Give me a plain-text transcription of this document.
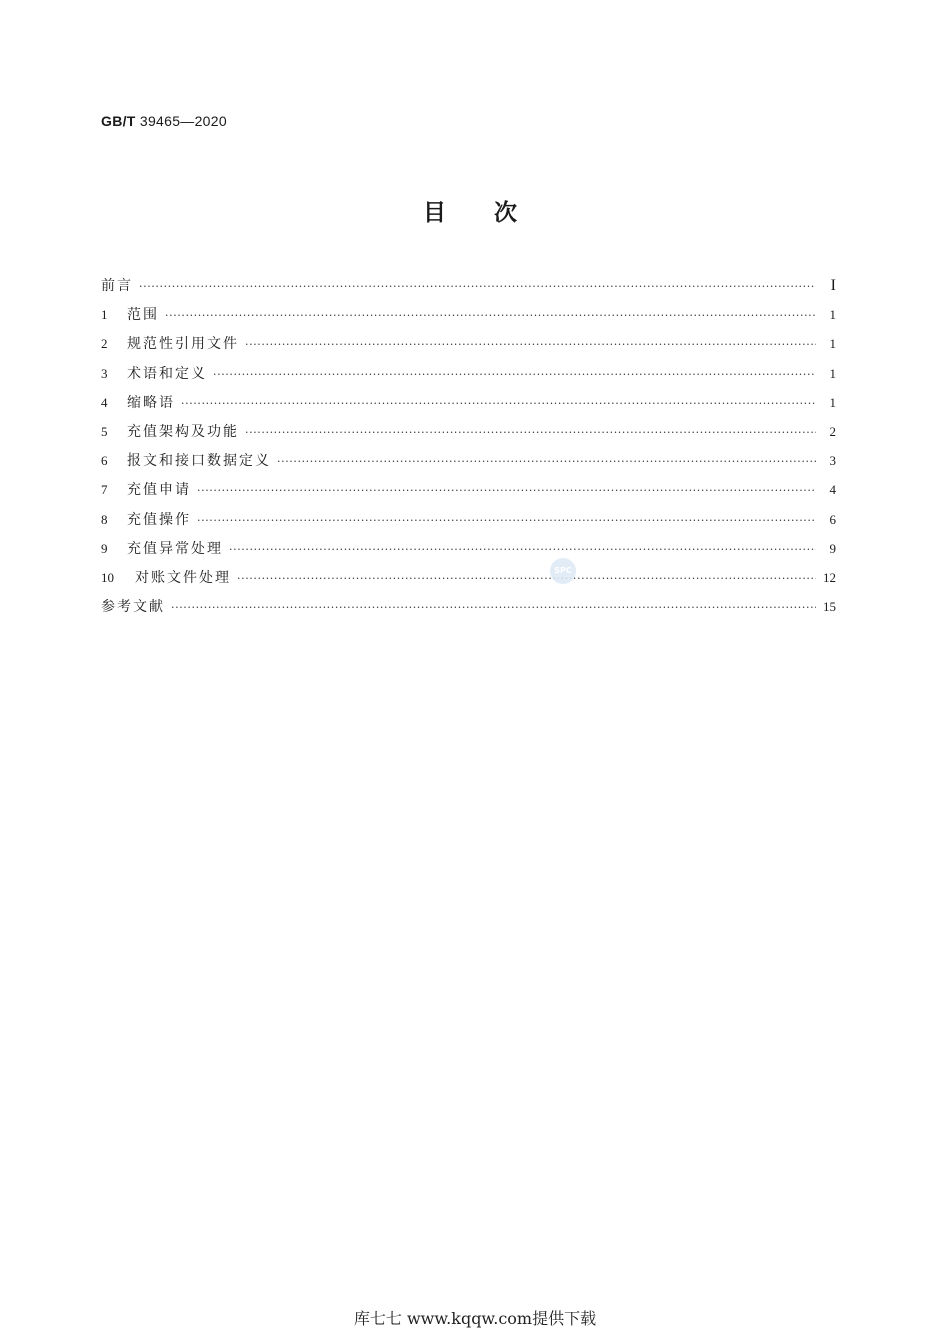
GB/T 39465—2020
目次
前言 ·····	I
1	范围 ·····	1
2	规范性引用文件 ·····	1
3	术语和定义 ·····	1
4	缩略语 ·····	1
5	充值架构及功能 ·····	2
6	报文和接口数据定义 ·····	3
7	充值申请 ·····	4
8	充值操作 ·····	6
9	充值异常处理 ·····	9
10	对账文件处理 ·····	12
参考文献 ·····	15
SPC
库七七 www.kqqw.com提供下载
